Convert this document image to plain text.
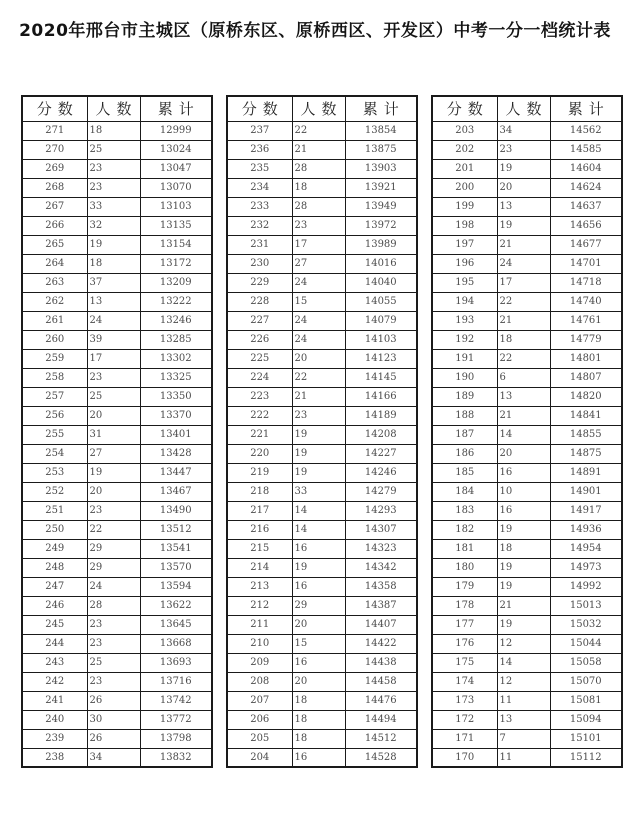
2020年邢台市主城区（原桥东区、原桥西区、开发区）中考一分一档统计表
分数	人数	累计
271	18	12999
270	25	13024
269	23	13047
268	23	13070
267	33	13103
266	32	13135
265	19	13154
264	18	13172
263	37	13209
262	13	13222
261	24	13246
260	39	13285
259	17	13302
258	23	13325
257	25	13350
256	20	13370
255	31	13401
254	27	13428
253	19	13447
252	20	13467
251	23	13490
250	22	13512
249	29	13541
248	29	13570
247	24	13594
246	28	13622
245	23	13645
244	23	13668
243	25	13693
242	23	13716
241	26	13742
240	30	13772
239	26	13798
238	34	13832
分数	人数	累计
237	22	13854
236	21	13875
235	28	13903
234	18	13921
233	28	13949
232	23	13972
231	17	13989
230	27	14016
229	24	14040
228	15	14055
227	24	14079
226	24	14103
225	20	14123
224	22	14145
223	21	14166
222	23	14189
221	19	14208
220	19	14227
219	19	14246
218	33	14279
217	14	14293
216	14	14307
215	16	14323
214	19	14342
213	16	14358
212	29	14387
211	20	14407
210	15	14422
209	16	14438
208	20	14458
207	18	14476
206	18	14494
205	18	14512
204	16	14528
分数	人数	累计
203	34	14562
202	23	14585
201	19	14604
200	20	14624
199	13	14637
198	19	14656
197	21	14677
196	24	14701
195	17	14718
194	22	14740
193	21	14761
192	18	14779
191	22	14801
190	6	14807
189	13	14820
188	21	14841
187	14	14855
186	20	14875
185	16	14891
184	10	14901
183	16	14917
182	19	14936
181	18	14954
180	19	14973
179	19	14992
178	21	15013
177	19	15032
176	12	15044
175	14	15058
174	12	15070
173	11	15081
172	13	15094
171	7	15101
170	11	15112
